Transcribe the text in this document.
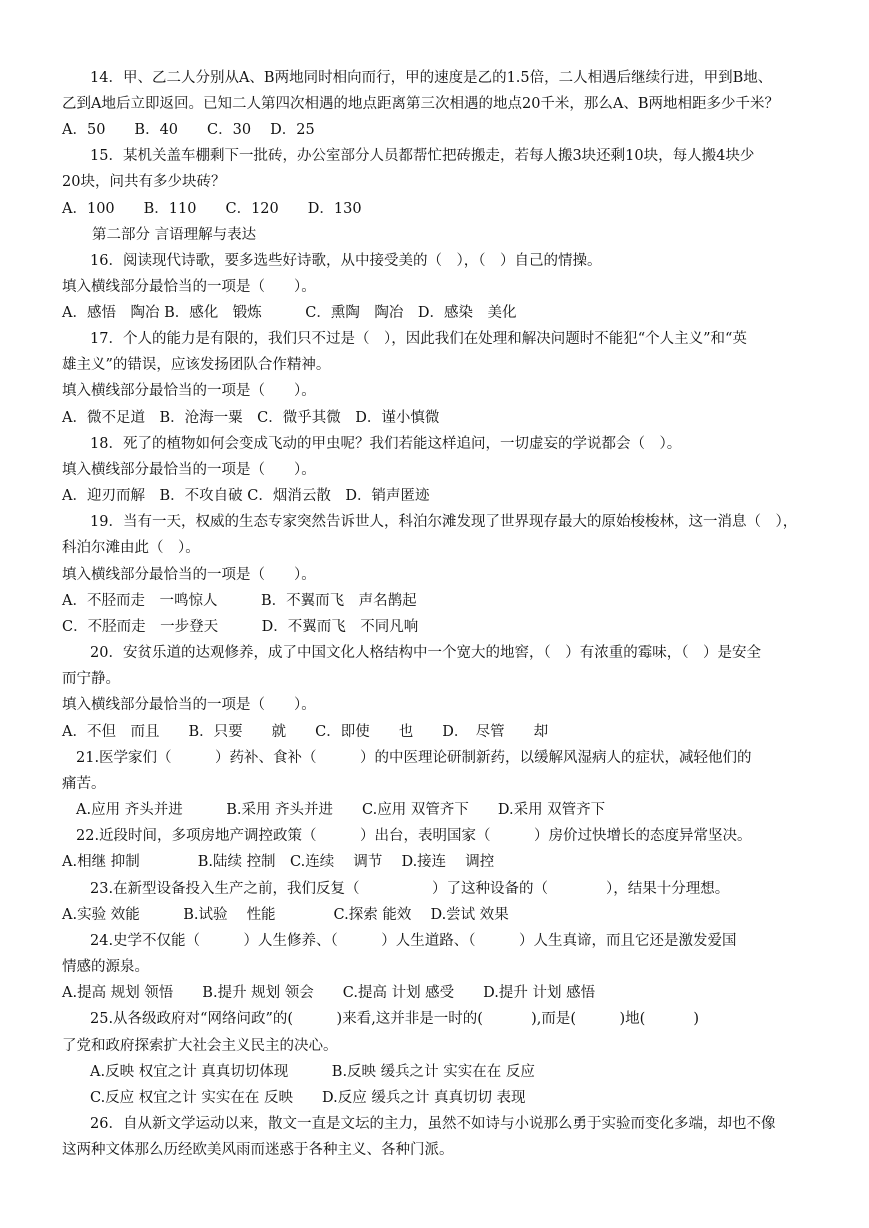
14．甲、乙二人分别从A、B两地同时相向而行，甲的速度是乙的1.5倍，二人相遇后继续行进，甲到B地、
乙到A地后立即返回。已知二人第四次相遇的地点距离第三次相遇的地点20千米，那么A、B两地相距多少千米？
A．50　　B．40　　C．30　 D．25
15．某机关盖车棚剩下一批砖，办公室部分人员都帮忙把砖搬走，若每人搬3块还剩10块，每人搬4块少
20块，问共有多少块砖？
A．100　　B．110　　C．120　　D．130
第二部分 言语理解与表达
16．阅读现代诗歌，要多选些好诗歌，从中接受美的（　），（　）自己的情操。
填入横线部分最恰当的一项是（　　）。
A．感悟　陶冶 B．感化　锻炼　　　C．熏陶　陶冶　D．感染　美化
17．个人的能力是有限的，我们只不过是（　），因此我们在处理和解决问题时不能犯“个人主义”和“英
雄主义”的错误，应该发扬团队合作精神。
填入横线部分最恰当的一项是（　　）。
A．微不足道　B．沧海一粟　C．微乎其微　D．谨小慎微
18．死了的植物如何会变成飞动的甲虫呢？我们若能这样追问，一切虚妄的学说都会（　）。
填入横线部分最恰当的一项是（　　）。
A．迎刃而解　B．不攻自破 C．烟消云散　D．销声匿迹
19．当有一天，权威的生态专家突然告诉世人，科泊尔滩发现了世界现存最大的原始梭梭林，这一消息（　），
科泊尔滩由此（　）。
填入横线部分最恰当的一项是（　　）。
A．不胫而走　一鸣惊人　　　B．不翼而飞　声名鹊起
C．不胫而走　一步登天　　　D．不翼而飞　不同凡响
20．安贫乐道的达观修养，成了中国文化人格结构中一个宽大的地窖，（　）有浓重的霉味，（　）是安全
而宁静。
填入横线部分最恰当的一项是（　　）。
A．不但　而且　　B．只要　　就　　C．即使　　也　　D．　尽管　　却
21.医学家们（　　　）药补、食补（　　　）的中医理论研制新药，以缓解风湿病人的症状，减轻他们的
痛苦。
A.应用 齐头并进　　　B.采用 齐头并进　　C.应用 双管齐下　　D.采用 双管齐下
22.近段时间，多项房地产调控政策（　　　）出台，表明国家（　　　）房价过快增长的态度异常坚决。
A.相继 抑制　　　　B.陆续 控制　C.连续　 调节　 D.接连　 调控
23.在新型设备投入生产之前，我们反复（　　　　　）了这种设备的（　　　　），结果十分理想。
A.实验 效能　　　B.试验　 性能　　　　C.探索 能效　 D.尝试 效果
24.史学不仅能（　　　）人生修养、（　　　）人生道路、（　　　）人生真谛，而且它还是激发爱国
情感的源泉。
A.提高 规划 领悟　　B.提升 规划 领会　　C.提高 计划 感受　　D.提升 计划 感悟
25.从各级政府对“网络问政”的(　　　)来看,这并非是一时的(　　　 ),而是(　　　)地(　　　 )
了党和政府探索扩大社会主义民主的决心。
A.反映 权宜之计 真真切切体现　　　B.反映 缓兵之计 实实在在 反应
C.反应 权宜之计 实实在在 反映　　D.反应 缓兵之计 真真切切 表现
26．自从新文学运动以来，散文一直是文坛的主力，虽然不如诗与小说那么勇于实验而变化多端，却也不像
这两种文体那么历经欧美风雨而迷惑于各种主义、各种门派。
